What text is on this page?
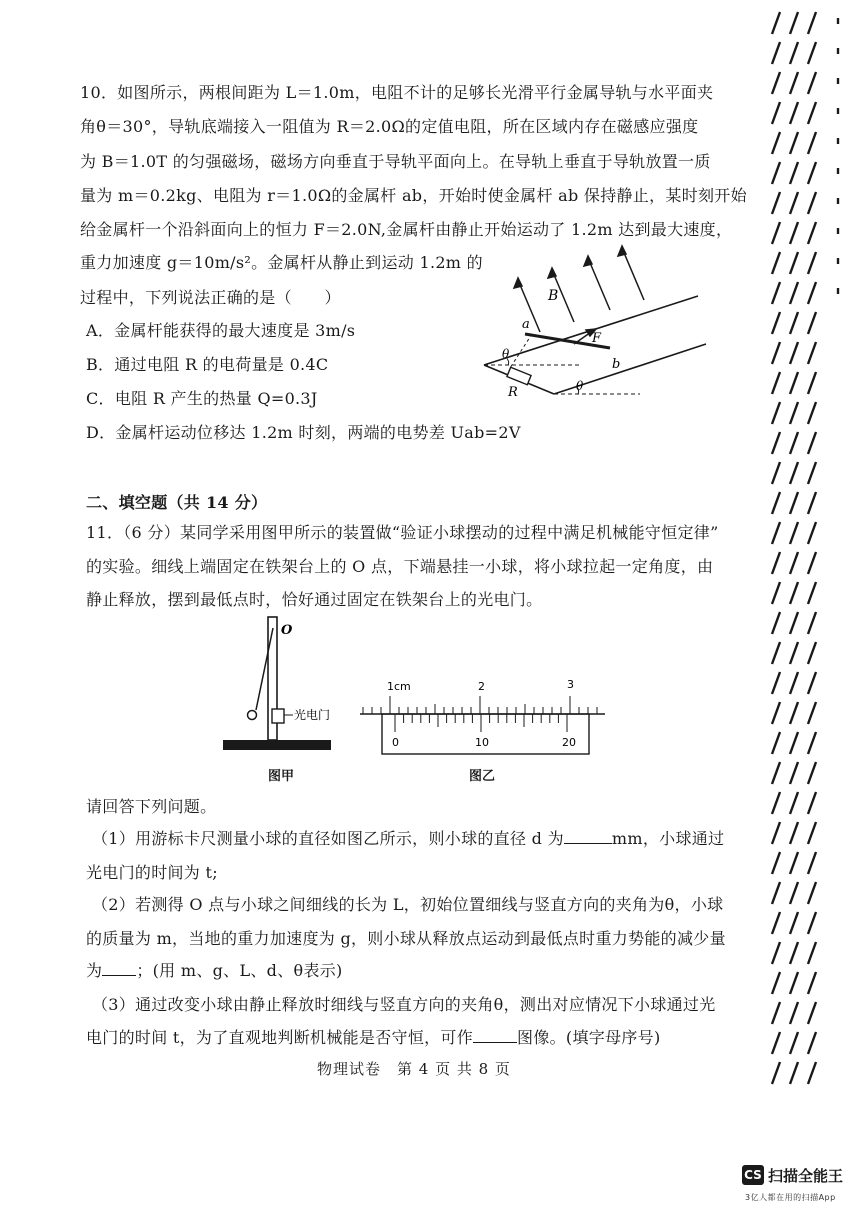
10．如图所示，两根间距为 L＝1.0m，电阻不计的足够长光滑平行金属导轨与水平面夹
角θ＝30°，导轨底端接入一阻值为 R＝2.0Ω的定值电阻，所在区域内存在磁感应强度
为 B＝1.0T 的匀强磁场，磁场方向垂直于导轨平面向上。在导轨上垂直于导轨放置一质
量为 m＝0.2kg、电阻为 r＝1.0Ω的金属杆 ab，开始时使金属杆 ab 保持静止，某时刻开始
给金属杆一个沿斜面向上的恒力 F＝2.0N,金属杆由静止开始运动了 1.2m 达到最大速度，
重力加速度 g＝10m/s²。金属杆从静止到运动 1.2m 的
过程中，下列说法正确的是（　　）
A．金属杆能获得的最大速度是 3m/s
B．通过电阻 R 的电荷量是 0.4C
C．电阻 R 产生的热量 Q=0.3J
D．金属杆运动位移达 1.2m 时刻，两端的电势差 Uab=2V
B
a
F
b
R
θ
θ
二、填空题（共 14 分）
11．（6 分）某同学采用图甲所示的装置做“验证小球摆动的过程中满足机械能守恒定律”
的实验。细线上端固定在铁架台上的 O 点，下端悬挂一小球，将小球拉起一定角度，由
静止释放，摆到最低点时，恰好通过固定在铁架台上的光电门。
O
光电门
图甲
1cm	2	3
0	10	20
图乙
请回答下列问题。
（1）用游标卡尺测量小球的直径如图乙所示，则小球的直径 d 为	mm，小球通过
光电门的时间为 t;
（2）若测得 O 点与小球之间细线的长为 L，初始位置细线与竖直方向的夹角为θ，小球
的质量为 m，当地的重力加速度为 g，则小球从释放点运动到最低点时重力势能的减少量
为 ；(用 m、g、L、d、θ表示)
（3）通过改变小球由静止释放时细线与竖直方向的夹角θ，测出对应情况下小球通过光
电门的时间 t，为了直观地判断机械能是否守恒，可作	图像。(填字母序号)
物理试卷　第 4 页 共 8 页
CS 扫描全能王
3亿人都在用的扫描App
